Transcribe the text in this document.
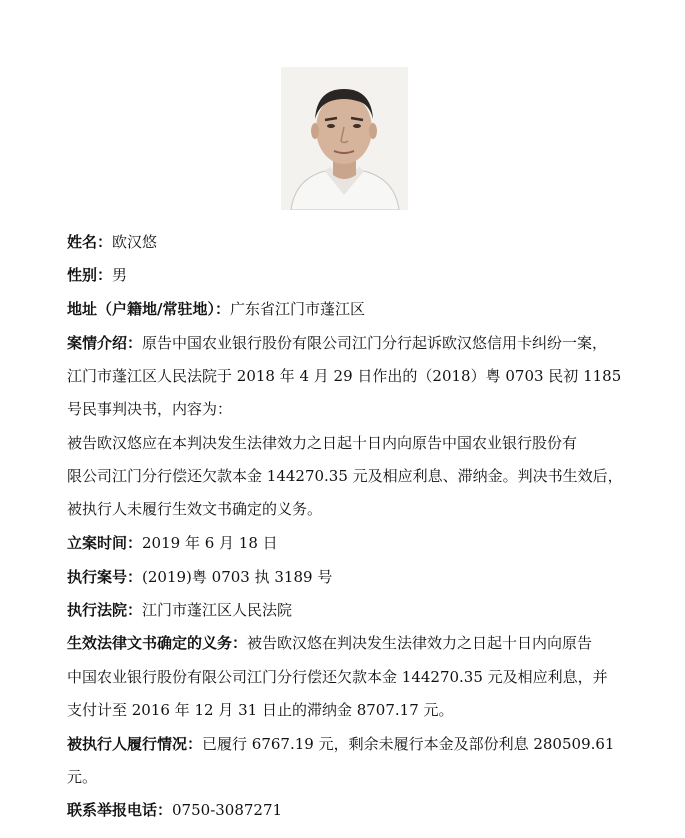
姓名：欧汉悠
性别：男
地址（户籍地/常驻地）：广东省江门市蓬江区
案情介绍：原告中国农业银行股份有限公司江门分行起诉欧汉悠信用卡纠纷一案，
江门市蓬江区人民法院于 2018 年 4 月 29 日作出的（2018）粤 0703 民初 1185
号民事判决书，内容为：
被告欧汉悠应在本判决发生法律效力之日起十日内向原告中国农业银行股份有
限公司江门分行偿还欠款本金 144270.35 元及相应利息、滞纳金。判决书生效后，
被执行人未履行生效文书确定的义务。
立案时间：2019 年 6 月 18 日
执行案号：(2019)粤 0703 执 3189 号
执行法院：江门市蓬江区人民法院
生效法律文书确定的义务：被告欧汉悠在判决发生法律效力之日起十日内向原告
中国农业银行股份有限公司江门分行偿还欠款本金 144270.35 元及相应利息，并
支付计至 2016 年 12 月 31 日止的滞纳金 8707.17 元。
被执行人履行情况：已履行 6767.19 元，剩余未履行本金及部份利息 280509.61
元。
联系举报电话：0750-3087271
